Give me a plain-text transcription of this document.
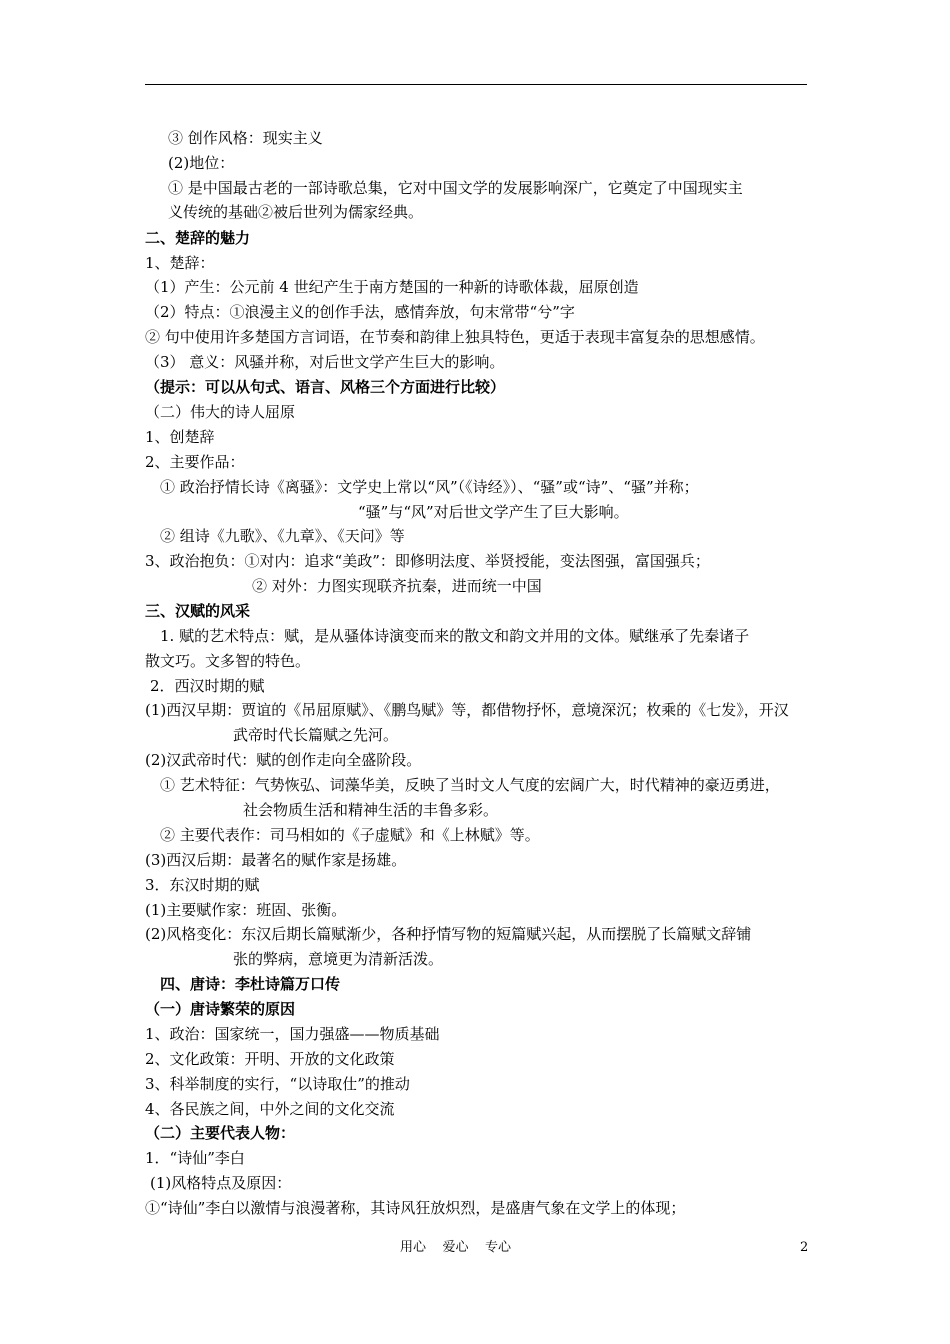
③ 创作风格：现实主义
(2)地位：
① 是中国最古老的一部诗歌总集，它对中国文学的发展影响深广，它奠定了中国现实主
义传统的基础②被后世列为儒家经典。
二、楚辞的魅力
1、楚辞：
（1）产生：公元前 4 世纪产生于南方楚国的一种新的诗歌体裁，屈原创造
（2）特点：①浪漫主义的创作手法，感情奔放，句末常带“兮”字
② 句中使用许多楚国方言词语，在节奏和韵律上独具特色，更适于表现丰富复杂的思想感情。
（3） 意义：风骚并称，对后世文学产生巨大的影响。
（提示：可以从句式、语言、风格三个方面进行比较）
（二）伟大的诗人屈原
1、创楚辞
2、主要作品：
① 政治抒情长诗《离骚》：文学史上常以“风”（《诗经》）、“骚”或“诗”、“骚”并称；
“骚”与“风”对后世文学产生了巨大影响。
② 组诗《九歌》、《九章》、《天问》等
3、政治抱负：①对内：追求“美政”：即修明法度、举贤授能，变法图强，富国强兵；
② 对外：力图实现联齐抗秦，进而统一中国
三、汉赋的风采
1. 赋的艺术特点：赋，是从骚体诗演变而来的散文和韵文并用的文体。赋继承了先秦诸子
散文巧。文多智的特色。
2．西汉时期的赋
(1)西汉早期：贾谊的《吊屈原赋》、《鹏鸟赋》等，都借物抒怀，意境深沉；枚乘的《七发》，开汉
武帝时代长篇赋之先河。
(2)汉武帝时代：赋的创作走向全盛阶段。
① 艺术特征：气势恢弘、词藻华美，反映了当时文人气度的宏阔广大，时代精神的豪迈勇进，
社会物质生活和精神生活的丰鲁多彩。
② 主要代表作：司马相如的《子虚赋》和《上林赋》等。
(3)西汉后期：最著名的赋作家是扬雄。
3．东汉时期的赋
(1)主要赋作家：班固、张衡。
(2)风格变化：东汉后期长篇赋渐少，各种抒情写物的短篇赋兴起，从而摆脱了长篇赋文辞铺
张的弊病，意境更为清新活泼。
四、唐诗：李杜诗篇万口传
（一）唐诗繁荣的原因
1、政治：国家统一，国力强盛——物质基础
2、文化政策：开明、开放的文化政策
3、科举制度的实行，“以诗取仕”的推动
4、各民族之间，中外之间的文化交流
（二）主要代表人物：
1．“诗仙”李白
(1)风格特点及原因：
①“诗仙”李白以激情与浪漫著称，其诗风狂放炽烈，是盛唐气象在文学上的体现；
用心    爱心    专心	2
